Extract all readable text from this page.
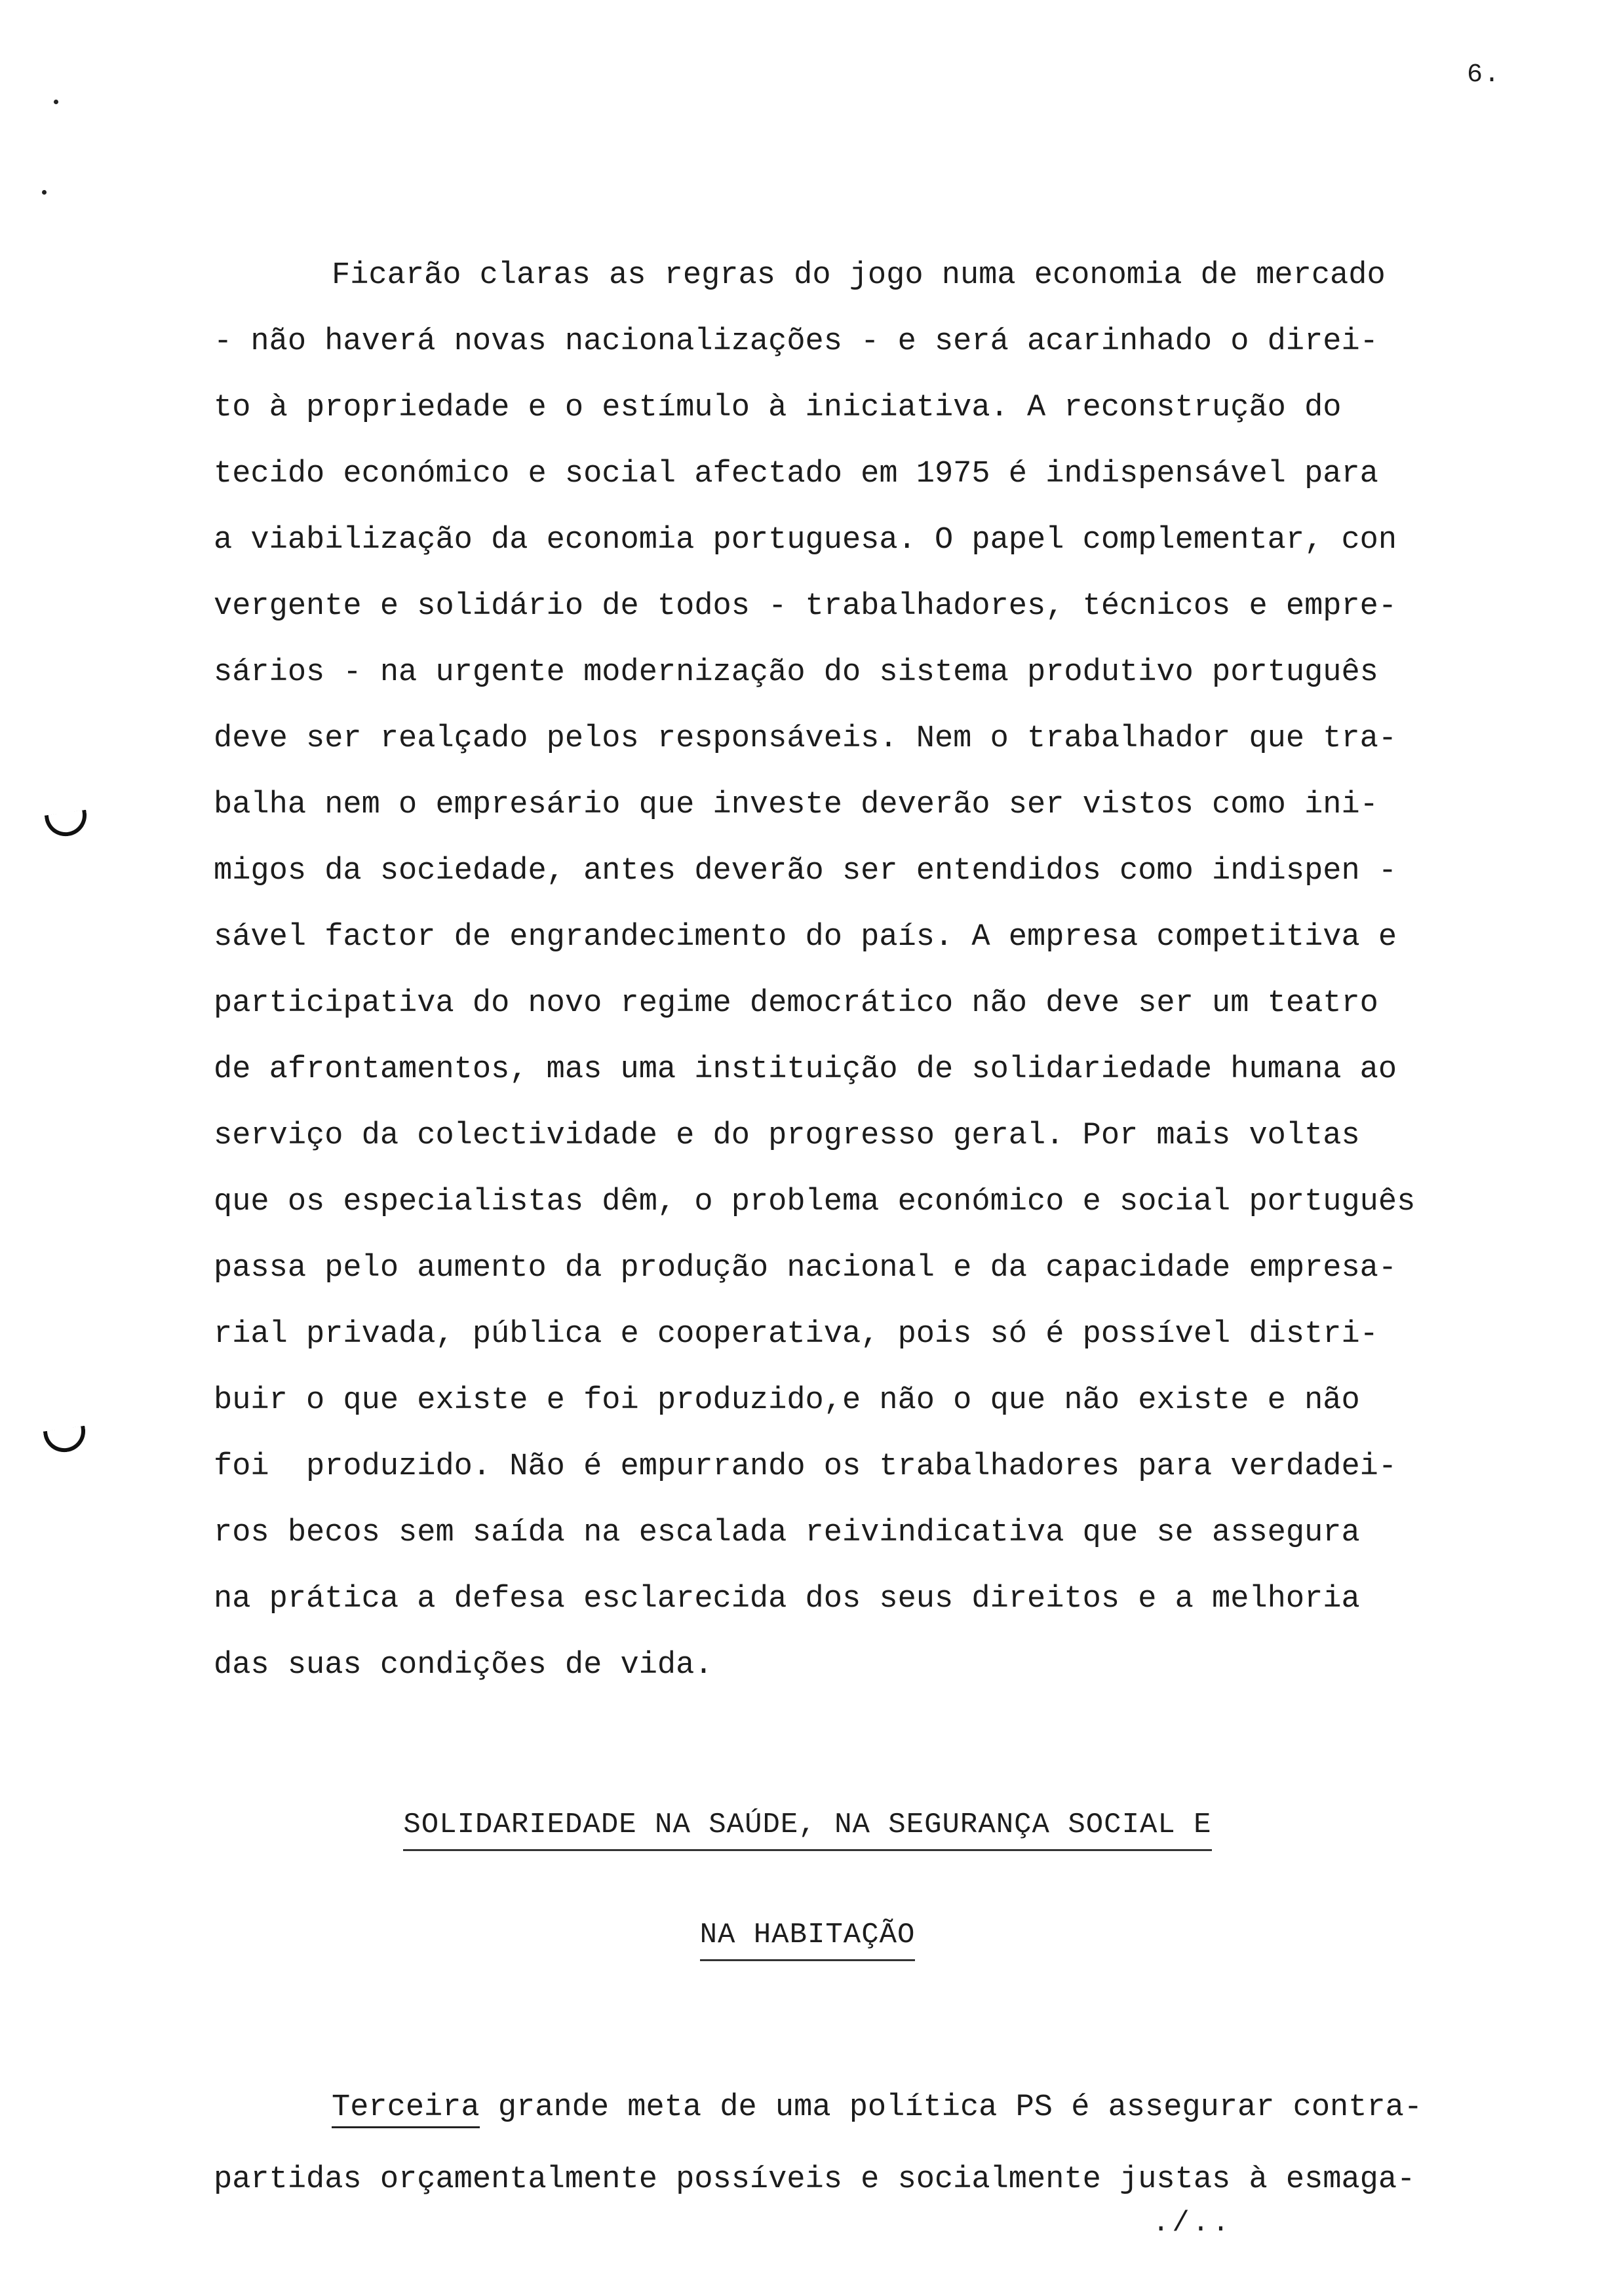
6.
Ficarão claras as regras do jogo numa economia de mercado
- não haverá novas nacionalizações - e será acarinhado o direi-
to à propriedade e o estímulo à iniciativa. A reconstrução do
tecido económico e social afectado em 1975 é indispensável para
a viabilização da economia portuguesa. O papel complementar, con
vergente e solidário de todos - trabalhadores, técnicos e empre-
sários - na urgente modernização do sistema produtivo português
deve ser realçado pelos responsáveis. Nem o trabalhador que tra-
balha nem o empresário que investe deverão ser vistos como ini-
migos da sociedade, antes deverão ser entendidos como indispen -
sável factor de engrandecimento do país. A empresa competitiva e
participativa do novo regime democrático não deve ser um teatro
de afrontamentos, mas uma instituição de solidariedade humana ao
serviço da colectividade e do progresso geral. Por mais voltas
que os especialistas dêm, o problema económico e social português
passa pelo aumento da produção nacional e da capacidade empresa-
rial privada, pública e cooperativa, pois só é possível distri-
buir o que existe e foi produzido,e não o que não existe e não
foi  produzido. Não é empurrando os trabalhadores para verdadei-
ros becos sem saída na escalada reivindicativa que se assegura
na prática a defesa esclarecida dos seus direitos e a melhoria
das suas condições de vida.
SOLIDARIEDADE NA SAÚDE, NA SEGURANÇA SOCIAL E
NA HABITAÇÃO
Terceira grande meta de uma política PS é assegurar contra-
partidas orçamentalmente possíveis e socialmente justas à esmaga-
./..
